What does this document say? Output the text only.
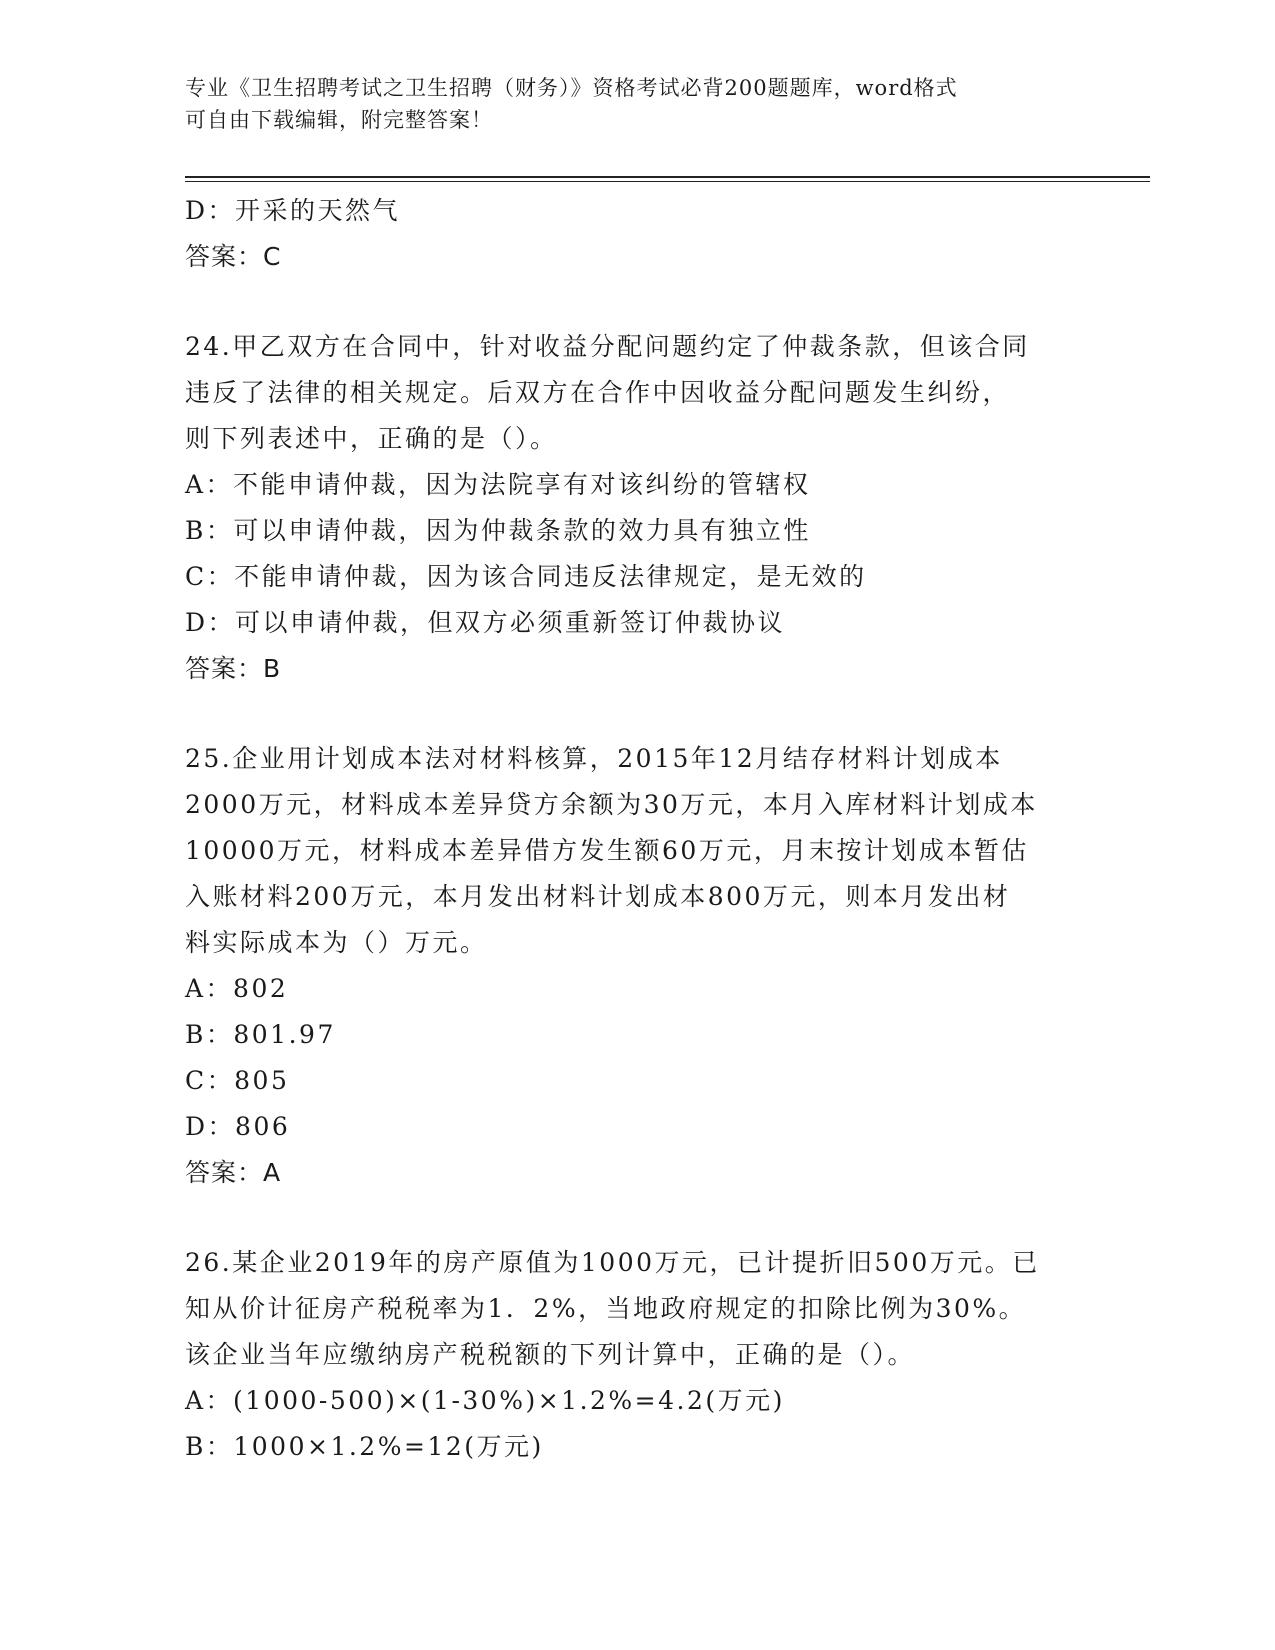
专业《卫生招聘考试之卫生招聘（财务）》资格考试必背200题题库，word格式
可自由下载编辑，附完整答案！
D：开采的天然气
答案：C
24.甲乙双方在合同中，针对收益分配问题约定了仲裁条款，但该合同
违反了法律的相关规定。后双方在合作中因收益分配问题发生纠纷，
则下列表述中，正确的是（）。
A：不能申请仲裁，因为法院享有对该纠纷的管辖权
B：可以申请仲裁，因为仲裁条款的效力具有独立性
C：不能申请仲裁，因为该合同违反法律规定，是无效的
D：可以申请仲裁，但双方必须重新签订仲裁协议
答案：B
25.企业用计划成本法对材料核算，2015年12月结存材料计划成本
2000万元，材料成本差异贷方余额为30万元，本月入库材料计划成本
10000万元，材料成本差异借方发生额60万元，月末按计划成本暂估
入账材料200万元，本月发出材料计划成本800万元，则本月发出材
料实际成本为（）万元。
A：802
B：801.97
C：805
D：806
答案：A
26.某企业2019年的房产原值为1000万元，已计提折旧500万元。已
知从价计征房产税税率为1．2%，当地政府规定的扣除比例为30%。
该企业当年应缴纳房产税税额的下列计算中，正确的是（）。
A：(1000-500)×(1-30%)×1.2%=4.2(万元)
B：1000×1.2%=12(万元)
